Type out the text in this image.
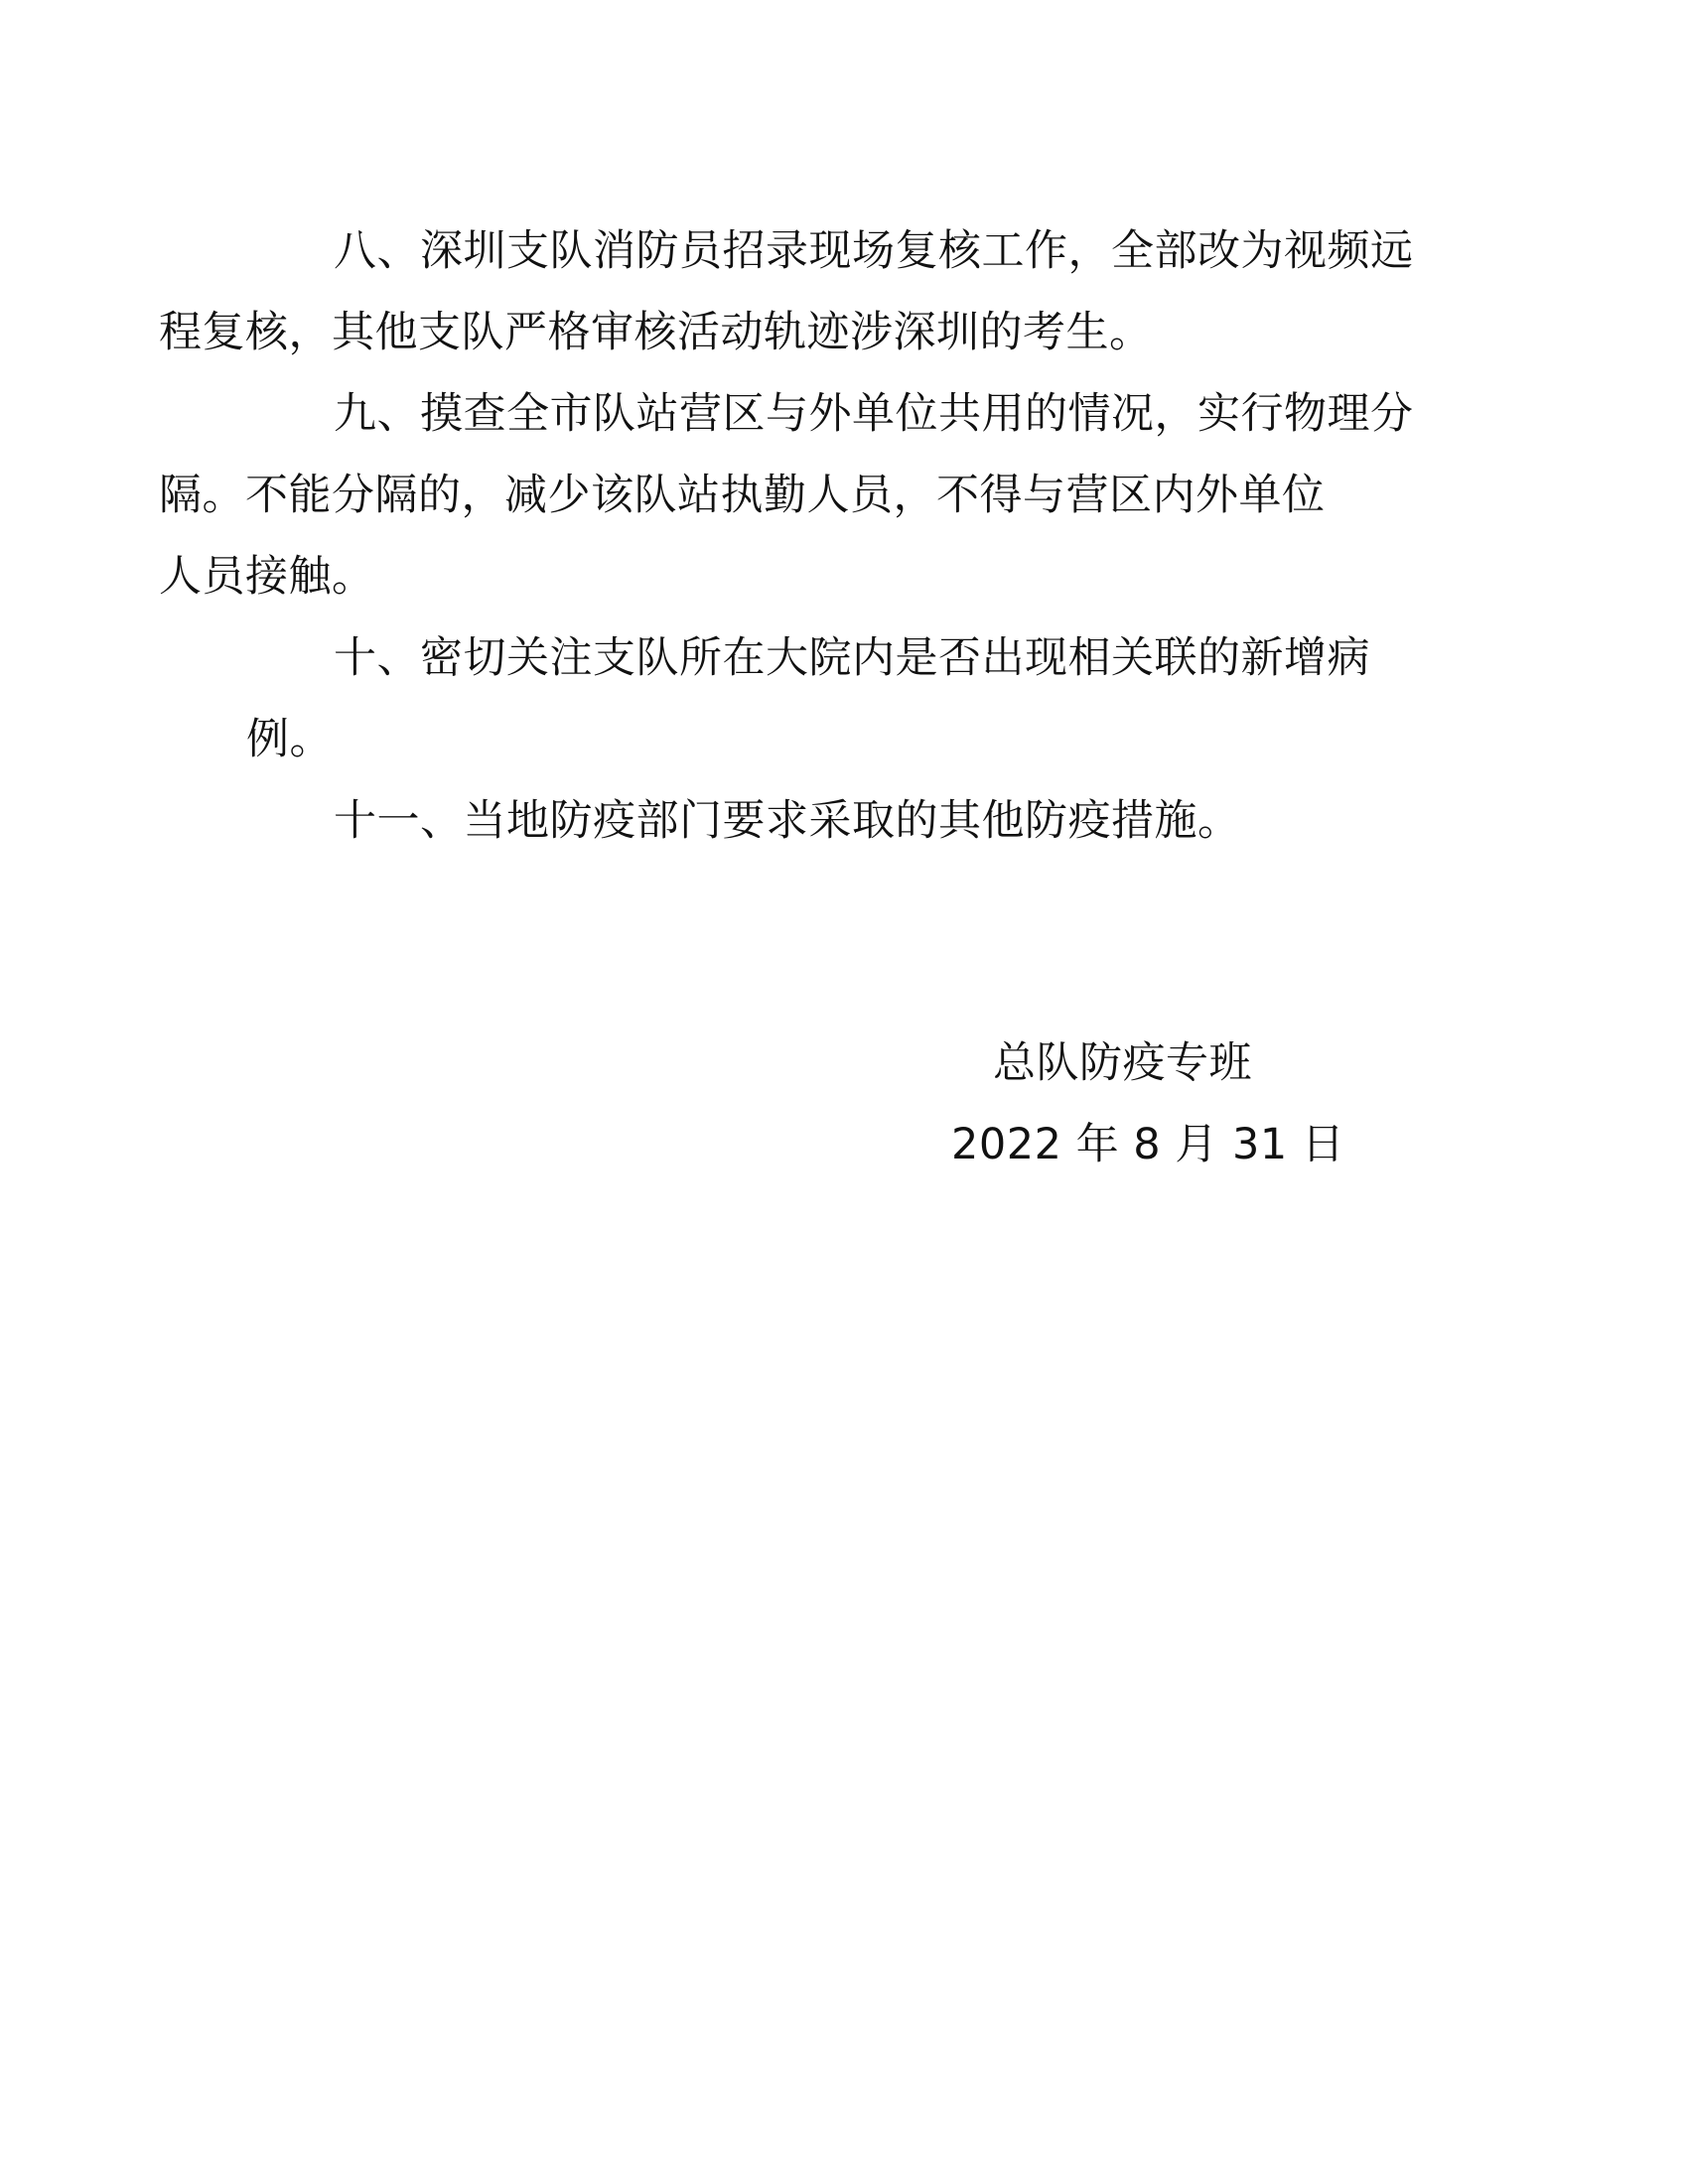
八、深圳支队消防员招录现场复核工作，全部改为视频远
程复核，其他支队严格审核活动轨迹涉深圳的考生。

九、摸查全市队站营区与外单位共用的情况，实行物理分
隔。不能分隔的，减少该队站执勤人员，不得与营区内外单位
人员接触。

十、密切关注支队所在大院内是否出现相关联的新增病例。

十一、当地防疫部门要求采取的其他防疫措施。

总队防疫专班
2022 年 8 月 31 日
